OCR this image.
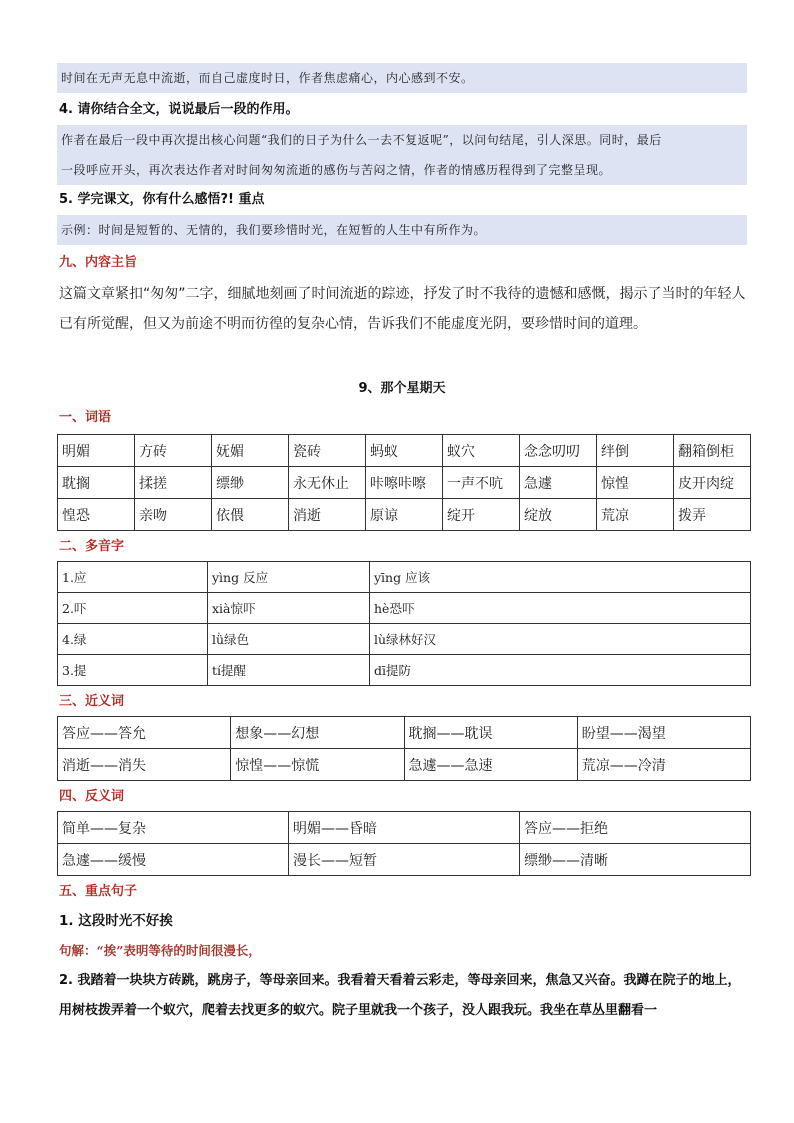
时间在无声无息中流逝，而自己虚度时日，作者焦虑痛心，内心感到不安。
4. 请你结合全文，说说最后一段的作用。
作者在最后一段中再次提出核心问题“我们的日子为什么一去不复返呢”，以问句结尾，引人深思。同时，最后
一段呼应开头，再次表达作者对时间匆匆流逝的感伤与苦闷之情，作者的情感历程得到了完整呈现。
5. 学完课文，你有什么感悟?! 重点
示例：时间是短暂的、无情的，我们要珍惜时光，在短暂的人生中有所作为。
九、内容主旨
这篇文章紧扣“匆匆”二字，细腻地刻画了时间流逝的踪迹，抒发了时不我待的遗憾和感慨，揭示了当时的年轻人
已有所觉醒，但又为前途不明而彷徨的复杂心情，告诉我们不能虚度光阴，要珍惜时间的道理。
9、那个星期天
一、词语
明媚	方砖	妩媚	瓷砖	蚂蚁	蚁穴	念念叨叨	绊倒	翻箱倒柜
耽搁	揉搓	缥缈	永无休止	咔嚓咔嚓	一声不吭	急遽	惊惶	皮开肉绽
惶恐	亲吻	依偎	消逝	原谅	绽开	绽放	荒凉	拨弄
二、多音字
1.应	yìng 反应	yīng 应该
2.吓	xià惊吓	hè恐吓
4.绿	lǜ绿色	lù绿林好汉
3.提	tí提醒	dī提防
三、近义词
答应——答允	想象——幻想	耽搁——耽误	盼望——渴望
消逝——消失	惊惶——惊慌	急遽——急速	荒凉——冷清
四、反义词
简单——复杂	明媚——昏暗	答应——拒绝
急遽——缓慢	漫长——短暂	缥缈——清晰
五、重点句子
1. 这段时光不好挨
句解：“挨”表明等待的时间很漫长，
2. 我踏着一块块方砖跳，跳房子，等母亲回来。我看着天看着云彩走，等母亲回来，焦急又兴奋。我蹲在院子的地上，
用树枝拨弄着一个蚁穴，爬着去找更多的蚁穴。院子里就我一个孩子，没人跟我玩。我坐在草丛里翻看一
